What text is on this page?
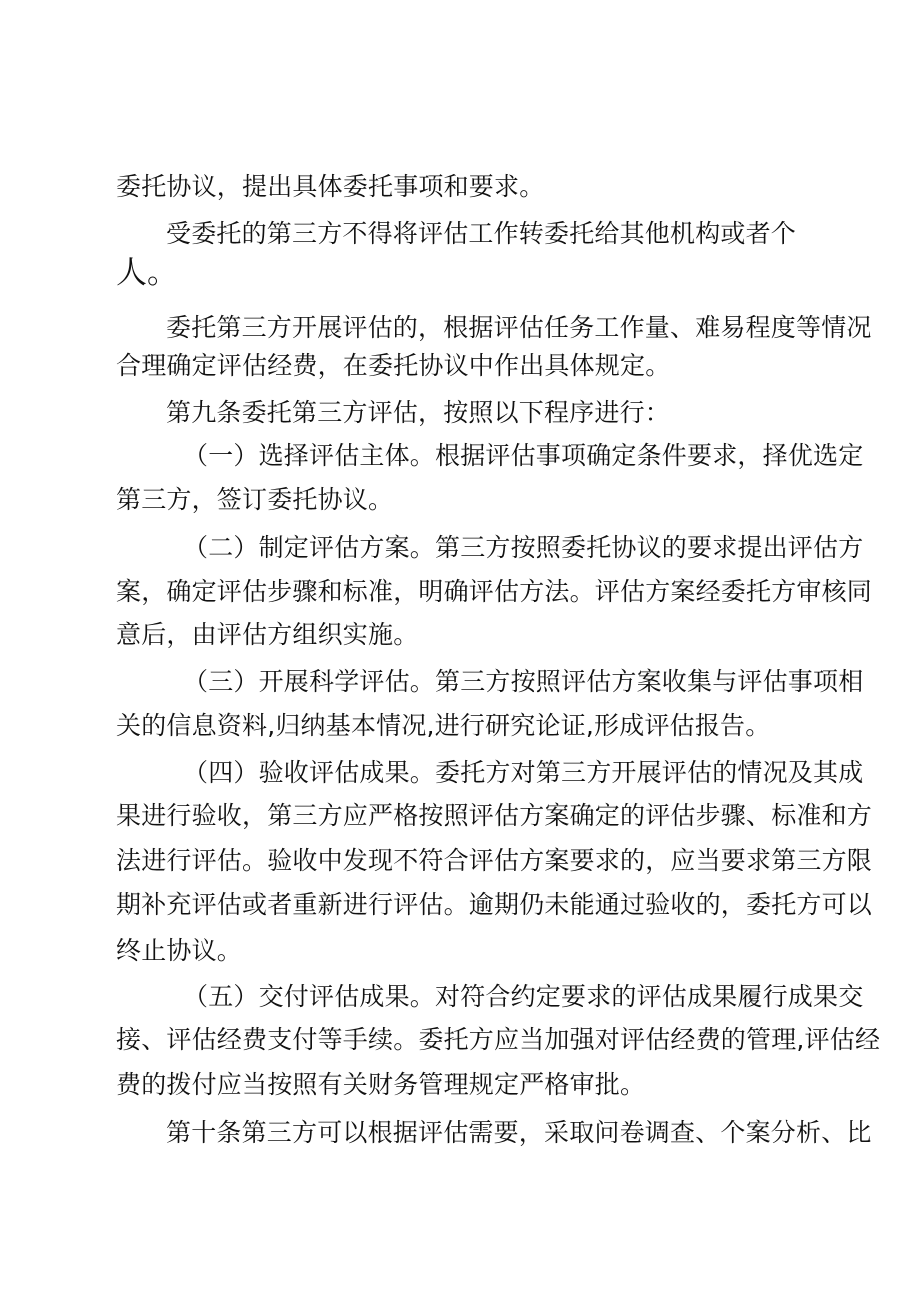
委托协议，提出具体委托事项和要求。
受委托的第三方不得将评估工作转委托给其他机构或者个
人。
委托第三方开展评估的，根据评估任务工作量、难易程度等情况
合理确定评估经费，在委托协议中作出具体规定。
第九条委托第三方评估，按照以下程序进行：
（一）选择评估主体。根据评估事项确定条件要求，择优选定
第三方，签订委托协议。
（二）制定评估方案。第三方按照委托协议的要求提出评估方
案，确定评估步骤和标准，明确评估方法。评估方案经委托方审核同
意后，由评估方组织实施。
（三）开展科学评估。第三方按照评估方案收集与评估事项相
关的信息资料,归纳基本情况,进行研究论证,形成评估报告。
（四）验收评估成果。委托方对第三方开展评估的情况及其成
果进行验收，第三方应严格按照评估方案确定的评估步骤、标准和方
法进行评估。验收中发现不符合评估方案要求的，应当要求第三方限
期补充评估或者重新进行评估。逾期仍未能通过验收的，委托方可以
终止协议。
（五）交付评估成果。对符合约定要求的评估成果履行成果交
接、评估经费支付等手续。委托方应当加强对评估经费的管理,评估经
费的拨付应当按照有关财务管理规定严格审批。
第十条第三方可以根据评估需要，采取问卷调查、个案分析、比
